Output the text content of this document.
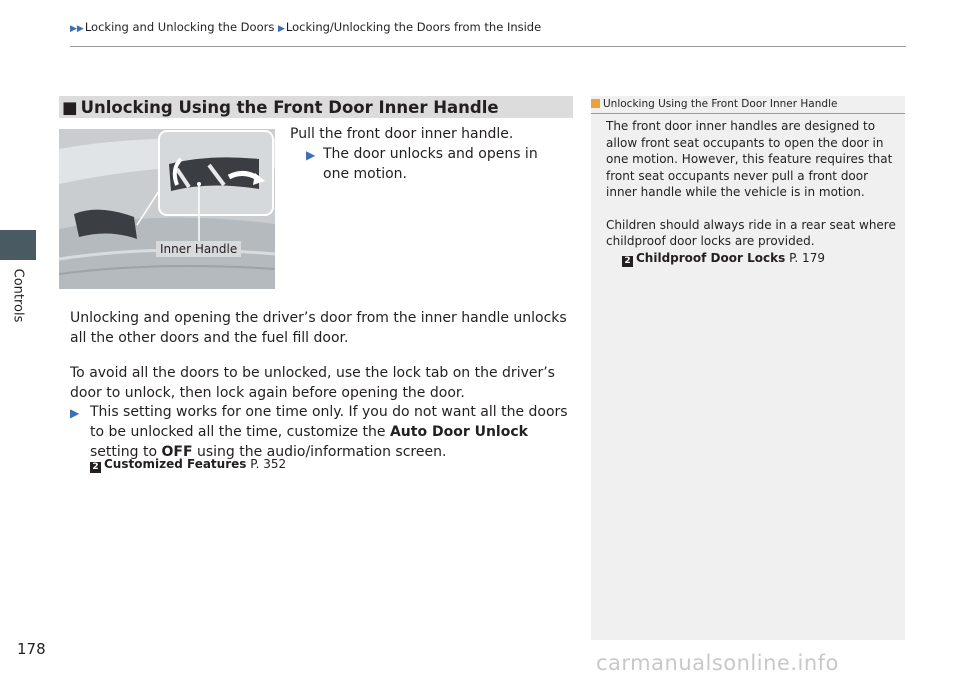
▶▶Locking and Unlocking the Doors ▶Locking/Unlocking the Doors from the Inside
Controls
178
■ Unlocking Using the Front Door Inner Handle
Inner Handle
Pull the front door inner handle.
▶ The door unlocks and opens in one motion.
Unlocking and opening the driver’s door from the inner handle unlocks all the other doors and the fuel fill door.
To avoid all the doors to be unlocked, use the lock tab on the driver’s door to unlock, then lock again before opening the door.
▶ This setting works for one time only. If you do not want all the doors to be unlocked all the time, customize the Auto Door Unlock setting to OFF using the audio/information screen.
2 Customized Features P. 352
Unlocking Using the Front Door Inner Handle

The front door inner handles are designed to allow front seat occupants to open the door in one motion. However, this feature requires that front seat occupants never pull a front door inner handle while the vehicle is in motion.

Children should always ride in a rear seat where childproof door locks are provided.

2 Childproof Door Locks P. 179
carmanualsonline.info
